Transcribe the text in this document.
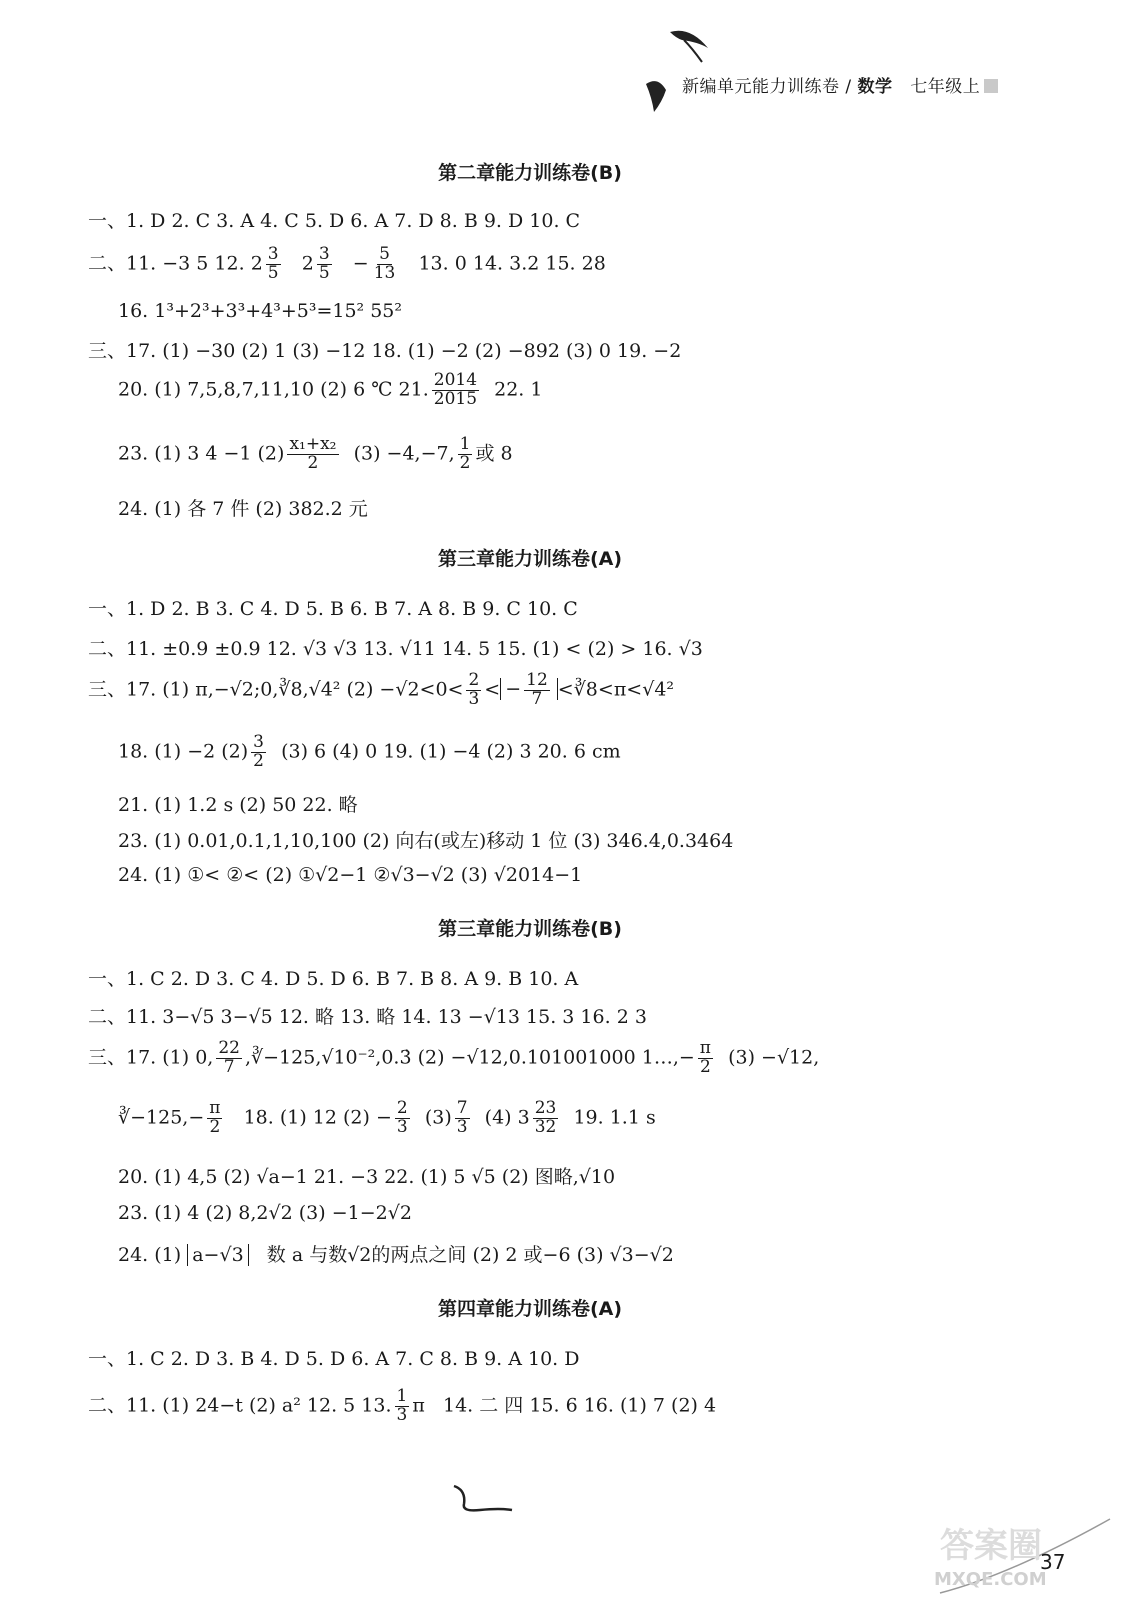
新编单元能力训练卷 / 数学 七年级上
第二章能力训练卷(B)
一、1. D 2. C 3. A 4. C 5. D 6. A 7. D 8. B 9. D 10. C
二、11. −3 5 12. $2 \frac{3}{5} 2 \frac{3}{5} - \frac{5}{13} 13$. 0 14. 3.2 15. 28
16. 1³+2³+3³+4³+5³=15² 55²
三、17. (1) −30 (2) 1 (3) −12 18. (1) −2 (2) −892 (3) 0 19. −2
20. (1) 7,5,8,7,11,10 (2) 6 ℃ 21. $\frac{2014}{2015} 22$. 1
23. (1) 3 4 −1 $(2) \frac{\text{x₁+x₂}}{2} (3) -4,-7$, $\frac{1}{2}$ 或 8
24. (1) 各 7 件 (2) 382.2 元
第三章能力训练卷(A)
一、1. D 2. B 3. C 4. D 5. B 6. B 7. A 8. B 9. C 10. C
二、11. ±0.9 ±0.9 12. √3 √3 13. √11 14. 5 15. (1) < (2) > 16. √3
三、17. (1) π,−√2;0,∛8,√4² $(2) -√2<0< \frac{2}{3}$ < − $\frac{12}{7}$ <∛8<π<√4²
18. (1) −2 $(2) \frac{3}{2} (3)$ 6 (4) 0 19. (1) −4 (2) 3 20. 6 cm
21. (1) 1.2 s (2) 50 22. 略
23. (1) 0.01,0.1,1,10,100 (2) 向右(或左)移动 1 位 (3) 346.4,0.3464
24. (1) ①< ②< (2) ①√2−1 ②√3−√2 (3) √2014−1
第三章能力训练卷(B)
一、1. C 2. D 3. C 4. D 5. D 6. B 7. B 8. A 9. B 10. A
二、11. 3−√5 3−√5 12. 略 13. 略 14. 13 −√13 15. 3 16. 2 3
三、17. (1) 0, $\frac{22}{7}$ ,∛−125,√10⁻²,0.3̇ (2) −√12,0.101001000 1…,− $\frac{\pi}{2} (3) -√12$,
∛−125,− $\frac{\pi}{2} 18$. (1) 12 $(2) - \frac{2}{3} (3) \frac{7}{3} (4)$ $3 \frac{23}{32} 19$. 1.1 s
20. (1) 4,5 (2) √a−1 21. −3 22. (1) 5 √5 (2) 图略,√10
23. (1) 4 (2) 8,2√2 (3) −1−2√2
24. (1) a−√3 数 a 与数√2的两点之间 (2) 2 或−6 (3) √3−√2
第四章能力训练卷(A)
一、1. C 2. D 3. B 4. D 5. D 6. A 7. C 8. B 9. A 10. D
二、11. (1) 24−t (2) a² 12. 5 13. $\frac{1}{3}$ π 14. 二 四 15. 6 16. (1) 7 (2) 4
答案圈
MXQE.COM
37
